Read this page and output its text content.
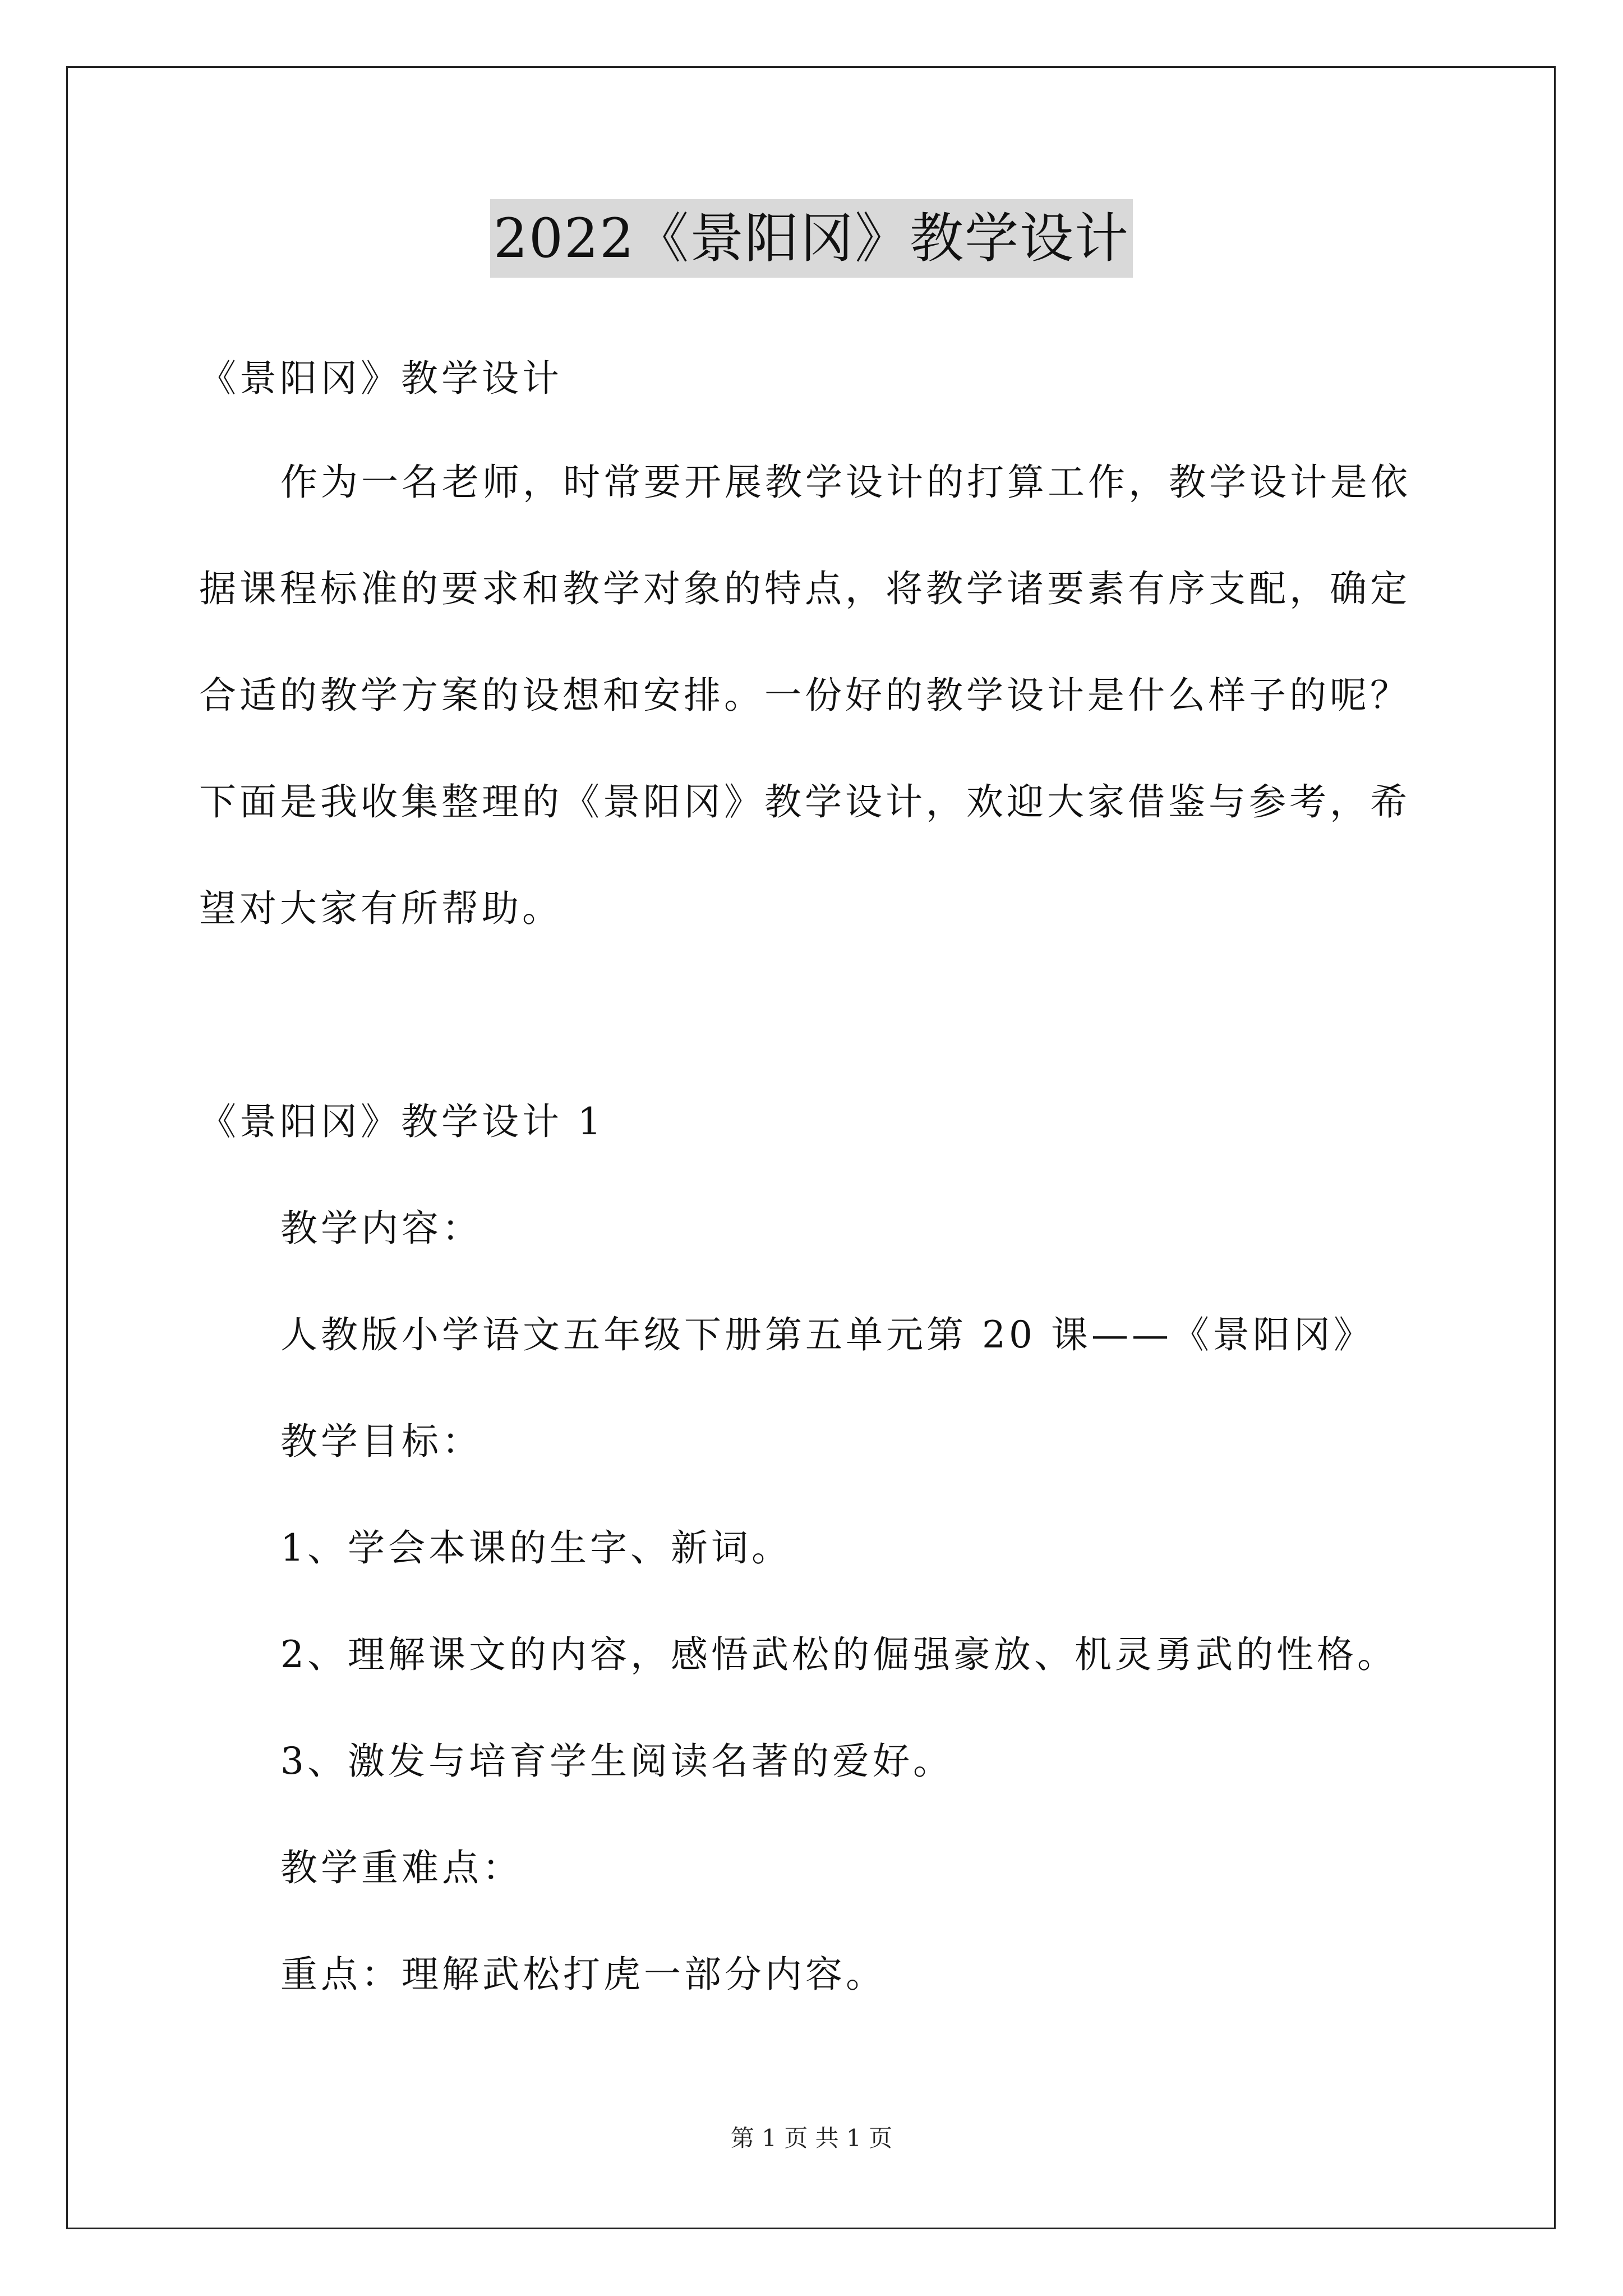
2022《景阳冈》教学设计
《景阳冈》教学设计
作为一名老师，时常要开展教学设计的打算工作，教学设计是依
据课程标准的要求和教学对象的特点，将教学诸要素有序支配，确定
合适的教学方案的设想和安排。一份好的教学设计是什么样子的呢？
下面是我收集整理的《景阳冈》教学设计，欢迎大家借鉴与参考，希
望对大家有所帮助。
《景阳冈》教学设计 1
教学内容：
人教版小学语文五年级下册第五单元第 20 课——《景阳冈》
教学目标：
1、学会本课的生字、新词。
2、理解课文的内容，感悟武松的倔强豪放、机灵勇武的性格。
3、激发与培育学生阅读名著的爱好。
教学重难点：
重点：理解武松打虎一部分内容。
第 1 页 共 1 页
